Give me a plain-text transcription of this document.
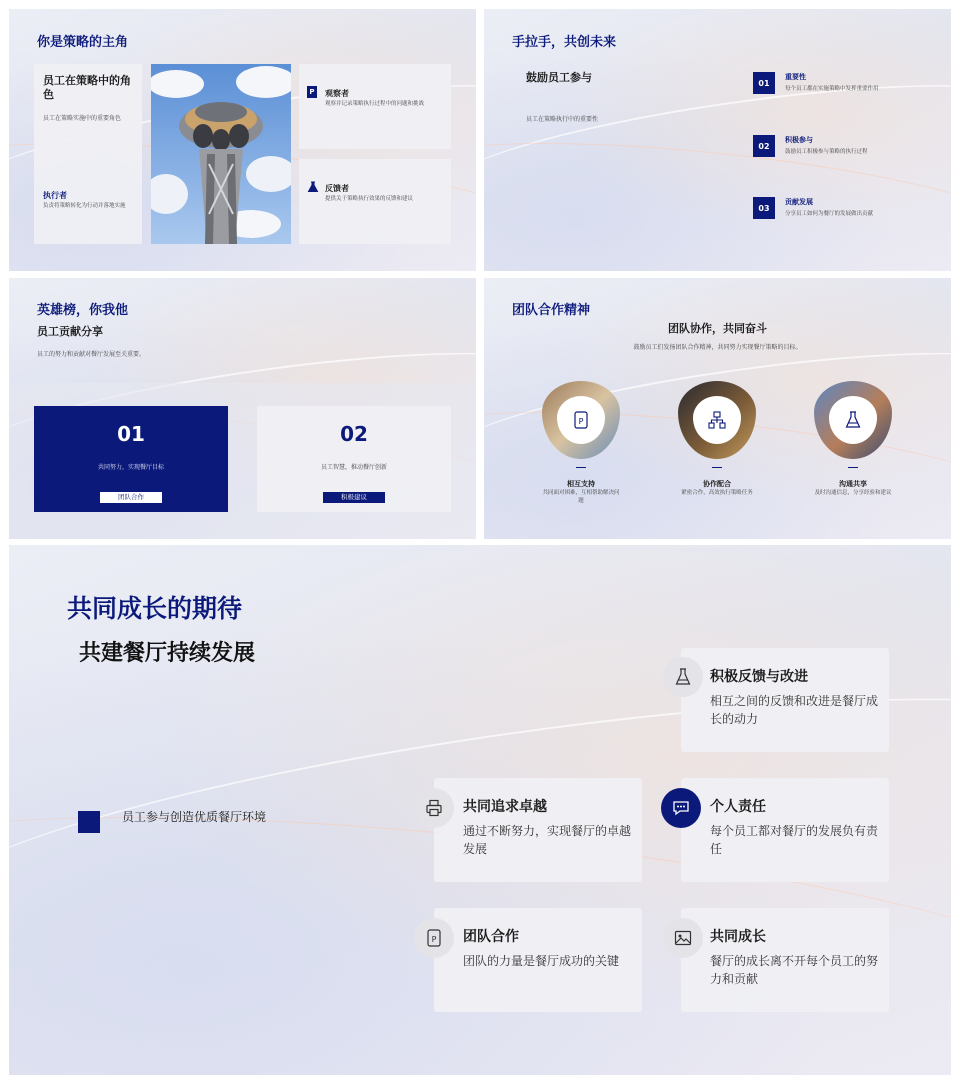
你是策略的主角
员工在策略中的角色
员工在策略实施中的重要角色
执行者
负责将策略转化为行动并落地实施
P 观察者
观察并记录策略执行过程中的问题和挑战
反馈者
提供关于策略执行效果的反馈和建议
手拉手，共创未来
鼓励员工参与
员工在策略执行中的重要性
01
重要性
每个员工都在实施策略中发挥重要作用
02
积极参与
鼓励员工积极参与策略的执行过程
03
贡献发展
分享员工如何为餐厅的发展做出贡献
英雄榜，你我他
员工贡献分享
员工的努力和贡献对餐厅发展至关重要。
01
共同努力，实现餐厅目标
团队合作
02
员工智慧，推动餐厅创新
积极建议
团队合作精神
团队协作，共同奋斗
鼓励员工们发扬团队合作精神，共同努力实现餐厅策略的目标。
P
相互支持
共同面对困难，互相帮助解决问题
协作配合
紧密合作，高效执行策略任务
沟通共享
及时沟通信息，分享经验和建议
共同成长的期待
共建餐厅持续发展
员工参与创造优质餐厅环境
积极反馈与改进
相互之间的反馈和改进是餐厅成长的动力
共同追求卓越
通过不断努力，实现餐厅的卓越发展
个人责任
每个员工都对餐厅的发展负有责任
团队合作
团队的力量是餐厅成功的关键
P	共同成长
餐厅的成长离不开每个员工的努力和贡献
